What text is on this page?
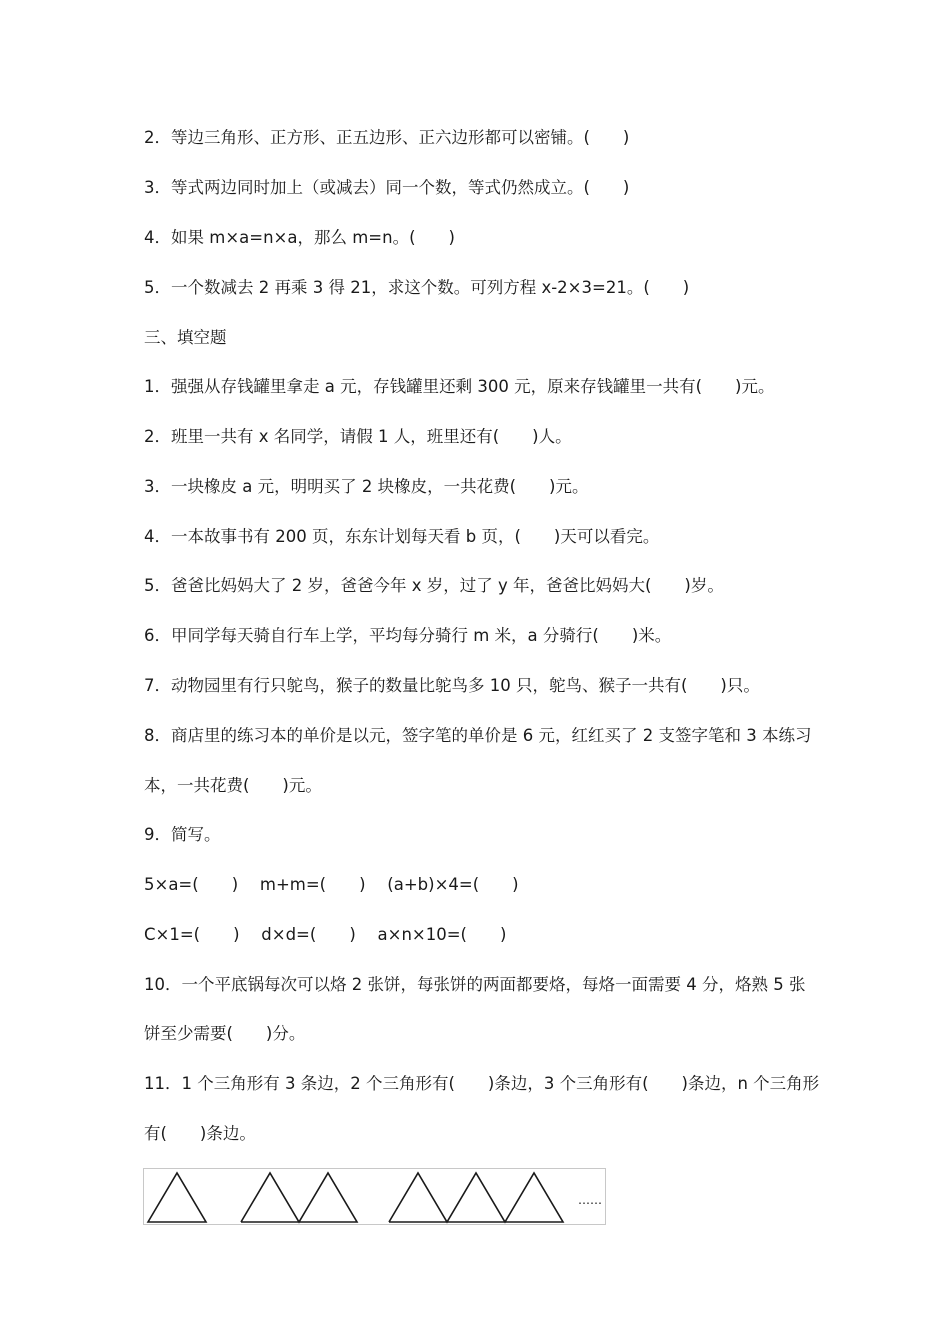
2．等边三角形、正方形、正五边形、正六边形都可以密铺。(　　)
3．等式两边同时加上（或减去）同一个数，等式仍然成立。(　　)
4．如果 m×a=n×a，那么 m=n。(　　)
5．一个数减去 2 再乘 3 得 21，求这个数。可列方程 x-2×3=21。(　　)
三、填空题
1．强强从存钱罐里拿走 a 元，存钱罐里还剩 300 元，原来存钱罐里一共有(　　)元。
2．班里一共有 x 名同学，请假 1 人，班里还有(　　)人。
3．一块橡皮 a 元，明明买了 2 块橡皮，一共花费(　　)元。
4．一本故事书有 200 页，东东计划每天看 b 页，(　　)天可以看完。
5．爸爸比妈妈大了 2 岁，爸爸今年 x 岁，过了 y 年，爸爸比妈妈大(　　)岁。
6．甲同学每天骑自行车上学，平均每分骑行 m 米，a 分骑行(　　)米。
7．动物园里有行只鸵鸟，猴子的数量比鸵鸟多 10 只，鸵鸟、猴子一共有(　　)只。
8．商店里的练习本的单价是以元，签字笔的单价是 6 元，红红买了 2 支签字笔和 3 本练习
本，一共花费(　　)元。
9．简写。
5×a=(　　)　 m+m=(　　)　 (a+b)×4=(　　)
C×1=(　　)　 d×d=(　　)　 a×n×10=(　　)
10．一个平底锅每次可以烙 2 张饼，每张饼的两面都要烙，每烙一面需要 4 分，烙熟 5 张
饼至少需要(　　)分。
11．1 个三角形有 3 条边，2 个三角形有(　　)条边，3 个三角形有(　　)条边，n 个三角形
有(　　)条边。
……
